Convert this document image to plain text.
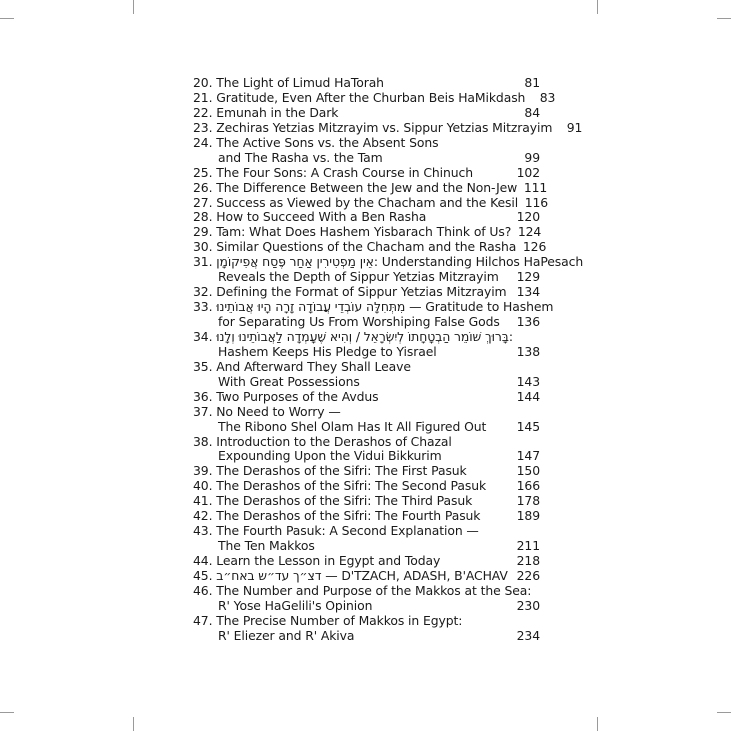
20. The Light of Limud HaTorah	81
21. Gratitude, Even After the Churban Beis HaMikdash	83
22. Emunah in the Dark	84
23. Zechiras Yetzias Mitzrayim vs. Sippur Yetzias Mitzrayim	91
24. The Active Sons vs. the Absent Sons
and The Rasha vs. the Tam	99
25. The Four Sons: A Crash Course in Chinuch	102
26. The Difference Between the Jew and the Non-Jew 111
27. Success as Viewed by the Chacham and the Kesil 116
28. How to Succeed With a Ben Rasha	120
29. Tam: What Does Hashem Yisbarach Think of Us? 124
30. Similar Questions of the Chacham and the Rasha 126
31. אֵין מַפְטִירִין אַחַר פֶּסַח אֲפִיקוֹמָן: Understanding Hilchos HaPesach
Reveals the Depth of Sippur Yetzias Mitzrayim	129
32. Defining the Format of Sippur Yetzias Mitzrayim 134
33. מִתְּחִלָּה עוֹבְדֵי עֲבוֹדָה זָרָה הָיוּ אֲבוֹתֵינוּ — Gratitude to Hashem
for Separating Us From Worshiping False Gods	136
34. בָּרוּךְ שׁוֹמֵר הַבְטָחָתוֹ לְיִשְׂרָאֵל / וְהִיא שֶׁעָמְדָה לַאֲבוֹתֵינוּ וְלָנוּ:
Hashem Keeps His Pledge to Yisrael	138
35. And Afterward They Shall Leave
With Great Possessions	143
36. Two Purposes of the Avdus	144
37. No Need to Worry —
The Ribono Shel Olam Has It All Figured Out	145
38. Introduction to the Derashos of Chazal
Expounding Upon the Vidui Bikkurim	147
39. The Derashos of the Sifri: The First Pasuk	150
40. The Derashos of the Sifri: The Second Pasuk	166
41. The Derashos of the Sifri: The Third Pasuk	178
42. The Derashos of the Sifri: The Fourth Pasuk	189
43. The Fourth Pasuk: A Second Explanation —
The Ten Makkos	211
44. Learn the Lesson in Egypt and Today	218
45. דצ״ך עד״ש באח״ב — D'TZACH, ADASH, B'ACHAV 226
46. The Number and Purpose of the Makkos at the Sea:
R' Yose HaGelili's Opinion	230
47. The Precise Number of Makkos in Egypt:
R' Eliezer and R' Akiva	234
